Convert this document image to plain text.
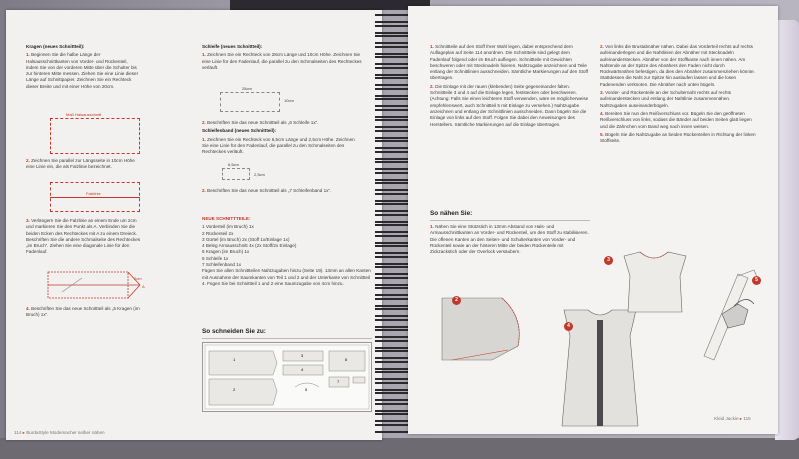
Kragen (neues Schnittteil):

1. Beginnen Sie die halbe Länge der Halsausschnittkanten von Vorder- und Rückenteil, indem Sie von der vorderen Mitte über die Schulter bis zur hinteren Mitte messen. Ziehen Sie eine Linie dieser Länge auf Schnittpapier. Zeichnen Sie ein Rechteck dieser Breite und mit einer Höhe von 20cm.

Maß Halsausschnitt

2. Zeichnen Sie parallel zur Längsseite in 10cm Höhe eine Linie ein, die als Falzlinie bezeichnet.

Falzlinie

3. Verlängern Sie die Falzlinie an einem Ende um 2cm und markieren Sie den Punkt als A. Verbinden Sie die beiden Ecken des Rechteckes mit A zu einem Dreieck. Beschriften Sie die andere Schmalseite des Rechteckes „im Bruch“. Ziehen Sie eine diagonale Linie für den Fadenlauf.

2cm
A

4. Beschriften Sie das neue Schnittteil als „5 Kragen (im Bruch) 1x“.

Schleife (neues Schnittteil):

1. Zeichnen Sie ein Rechteck von 28cm Länge und 10cm Höhe. Zeichnen Sie eine Linie für den Fadenlauf, die parallel zu den Schmalseiten des Rechteckes verläuft.

28cm
10cm

2. Beschriften Sie das neue Schnittteil als „6 Schleife 1x“.

Schleifenband (neues Schnittteil):

1. Zeichnen Sie ein Rechteck von 6,5cm Länge und 2,5cm Höhe. Zeichnen Sie eine Linie für den Fadenlauf, die parallel zu den Schmalseiten des Rechteckes verläuft.

6,5cm
2,5cm

2. Beschriften Sie das neue Schnittteil als „7 Schleifenband 1x“.

NEUE SCHNITTTEILE:

1 Vorderteil (im Bruch) 1x

2 Rückenteil 2x

3 Gürtel (im Bruch) 2x (Stoff 1x/Einlage 1x)

4 Beleg Armausschnitt 4x (2x Stoff/2x Einlage)

5 Kragen (im Bruch) 1x

6 Schleife 1x

7 Schleifenband 1x

Fügen Sie allen Schnittteilen Nahtzugaben hinzu (Seite 19). 13mm an allen Kanten mit Ausnahme der Saumkanten von Teil 1 und 2 und der Unterkante von Schnittteil 4. Fügen Sie bei Schnittteil 1 und 2 eine Saumzugabe von 4cm hinzu.

So schneiden Sie zu:
1
2
3
4
5
6
7
114 ▸ BurdaStyle Modemacher selber nähen

1. Schnittteile auf den Stoff Ihrer Wahl legen, dabei entsprechend dem Auflageplan auf Seite 114 anordnen. Die Schnittteile sind gelegt dem Fadenlauf folgend oder im Bruch aufliegen. Schnittteile mit Gewichten beschweren oder mit Stecknadeln fixieren. Nahtzugabe anzeichnen und Teile entlang der Schnittlinien ausschneiden. Sämtliche Markierungen auf den Stoff übertragen.

2. Die Einlage mit der rauen (klebenden) Seite gegeneinander falten. Schnittteile 3 und 4 auf die Einlage legen, feststecken oder beschweren. (Achtung: Falls Sie einen leichteren Stoff verwenden, wäre es möglicherweise empfehlenswert, auch Schnittteil 5 mit Einlage zu versehen.) Nahtzugabe anzeichnen und entlang der Schnittlinien ausschneiden. Dann bügeln Sie die Einlage von links auf den Stoff. Folgen Sie dabei den Anweisungen des Herstellers. Sämtliche Markierungen auf die Einlage übertragen.

So nähen Sie:

1. Nähen Sie eine Stützstich in 13mm Abstand von Hals- und Armausschnittkanten an Vorder- und Rückenteil, um den Stoff zu stabilisieren. Die offenen Kanten an den Seiten- und Schulterkanten von Vorder- und Rückenteil sowie an der hinteren Mitte der beiden Rückenteile mit Zickzackstich oder der Overlock versäubern.

2. Von links die Brustabnäher nähen. Dabei das Vorderteil rechts auf rechts aufeinanderlegen und die Nahtlinien der Abnäher mit Stecknadeln aufeinanderstecken. Abnäher von der Stoffkante nach innen nähen. Am Nahtende an der Spitze des Abnähers den Faden nicht durch Rückwärtsnähen befestigen, da dies den Abnäher zusammenziehen könnte. Stattdessen die Naht zur Spitze hin auslaufen lassen und die losen Fadenenden verknoten. Die Abnäher nach unten bügeln.

3. Vorder- und Rückenteile an der Schulternaht rechts auf rechts aufeinanderstecken und entlang der Nahtlinie zusammennähen. Nahtzugaben auseinanderbügeln.

4. Bereiten Sie nun den Reißverschluss vor. Bügeln Sie den geöffneten Reißverschluss von links, sodass die Bänder auf beiden Seiten glatt liegen und die Zähnchen vom Band weg nach innen weisen.

5. Bügeln Sie die Nahtzugabe an beiden Rückenteilen in Richtung der linken Stoffseite.

2
4
3
5
Kleid Jackie ▸ 115
